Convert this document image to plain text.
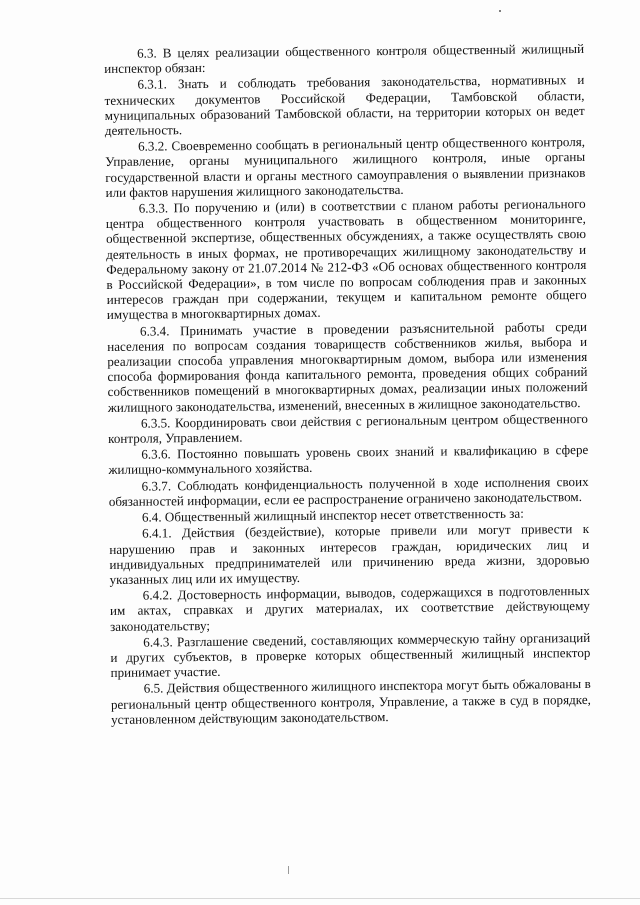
6.3. В целях реализации общественного контроля общественный жилищный инспектор обязан:

6.3.1. Знать и соблюдать требования законодательства, нормативных и технических документов Российской Федерации, Тамбовской области, муниципальных образований Тамбовской области, на территории которых он ведет деятельность.

6.3.2. Своевременно сообщать в региональный центр общественного контроля, Управление, органы муниципального жилищного контроля, иные органы государственной власти и органы местного самоуправления о выявлении признаков или фактов нарушения жилищного законодательства.

6.3.3. По поручению и (или) в соответствии с планом работы регионального центра общественного контроля участвовать в общественном мониторинге, общественной экспертизе, общественных обсуждениях, а также осуществлять свою деятельность в иных формах, не противоречащих жилищному законодательству и Федеральному закону от 21.07.2014 № 212-ФЗ «Об основах общественного контроля в Российской Федерации», в том числе по вопросам соблюдения прав и законных интересов граждан при содержании, текущем и капитальном ремонте общего имущества в многоквартирных домах.

6.3.4. Принимать участие в проведении разъяснительной работы среди населения по вопросам создания товариществ собственников жилья, выбора и реализации способа управления многоквартирным домом, выбора или изменения способа формирования фонда капитального ремонта, проведения общих собраний собственников помещений в многоквартирных домах, реализации иных положений жилищного законодательства, изменений, внесенных в жилищное законодательство.

6.3.5. Координировать свои действия с региональным центром общественного контроля, Управлением.

6.3.6. Постоянно повышать уровень своих знаний и квалификацию в сфере жилищно-коммунального хозяйства.

6.3.7. Соблюдать конфиденциальность полученной в ходе исполнения своих обязанностей информации, если ее распространение ограничено законодательством.

6.4. Общественный жилищный инспектор несет ответственность за:

6.4.1. Действия (бездействие), которые привели или могут привести к нарушению прав и законных интересов граждан, юридических лиц и индивидуальных предпринимателей или причинению вреда жизни, здоровью указанных лиц или их имуществу.

6.4.2. Достоверность информации, выводов, содержащихся в подготовленных им актах, справках и других материалах, их соответствие действующему законодательству;

6.4.3. Разглашение сведений, составляющих коммерческую тайну организаций и других субъектов, в проверке которых общественный жилищный инспектор принимает участие.

6.5. Действия общественного жилищного инспектора могут быть обжалованы в региональный центр общественного контроля, Управление, а также в суд в порядке, установленном действующим законодательством.
